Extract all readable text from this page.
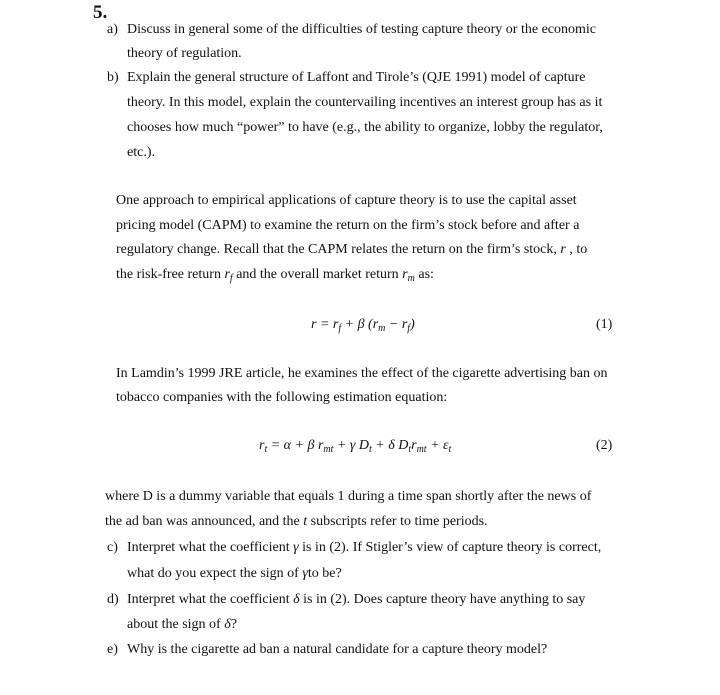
5.
a) Discuss in general some of the difficulties of testing capture theory or the economic
theory of regulation.
b) Explain the general structure of Laffont and Tirole’s (QJE 1991) model of capture
theory. In this model, explain the countervailing incentives an interest group has as it
chooses how much “power” to have (e.g., the ability to organize, lobby the regulator,
etc.).
One approach to empirical applications of capture theory is to use the capital asset
pricing model (CAPM) to examine the return on the firm’s stock before and after a
regulatory change. Recall that the CAPM relates the return on the firm’s stock, r , to
the risk-free return $r_f$ and the overall market return $r_m$ as:
$r = r_f + \beta$ $(r_m - r_f)$	(1)
In Lamdin’s 1999 JRE article, he examines the effect of the cigarette advertising ban on
tobacco companies with the following estimation equation:
$r_t = \alpha + \beta$ $r_{mt} + \gamma$ $D_t + \delta$ $D_tr_{mt} + \varepsilon_t$	(2)
where D is a dummy variable that equals 1 during a time span shortly after the news of
the ad ban was announced, and the t subscripts refer to time periods.
c) Interpret what the coefficient γ is in (2). If Stigler’s view of capture theory is correct,
what do you expect the sign of γto be?
d) Interpret what the coefficient δ is in (2). Does capture theory have anything to say
about the sign of δ?
e) Why is the cigarette ad ban a natural candidate for a capture theory model?
